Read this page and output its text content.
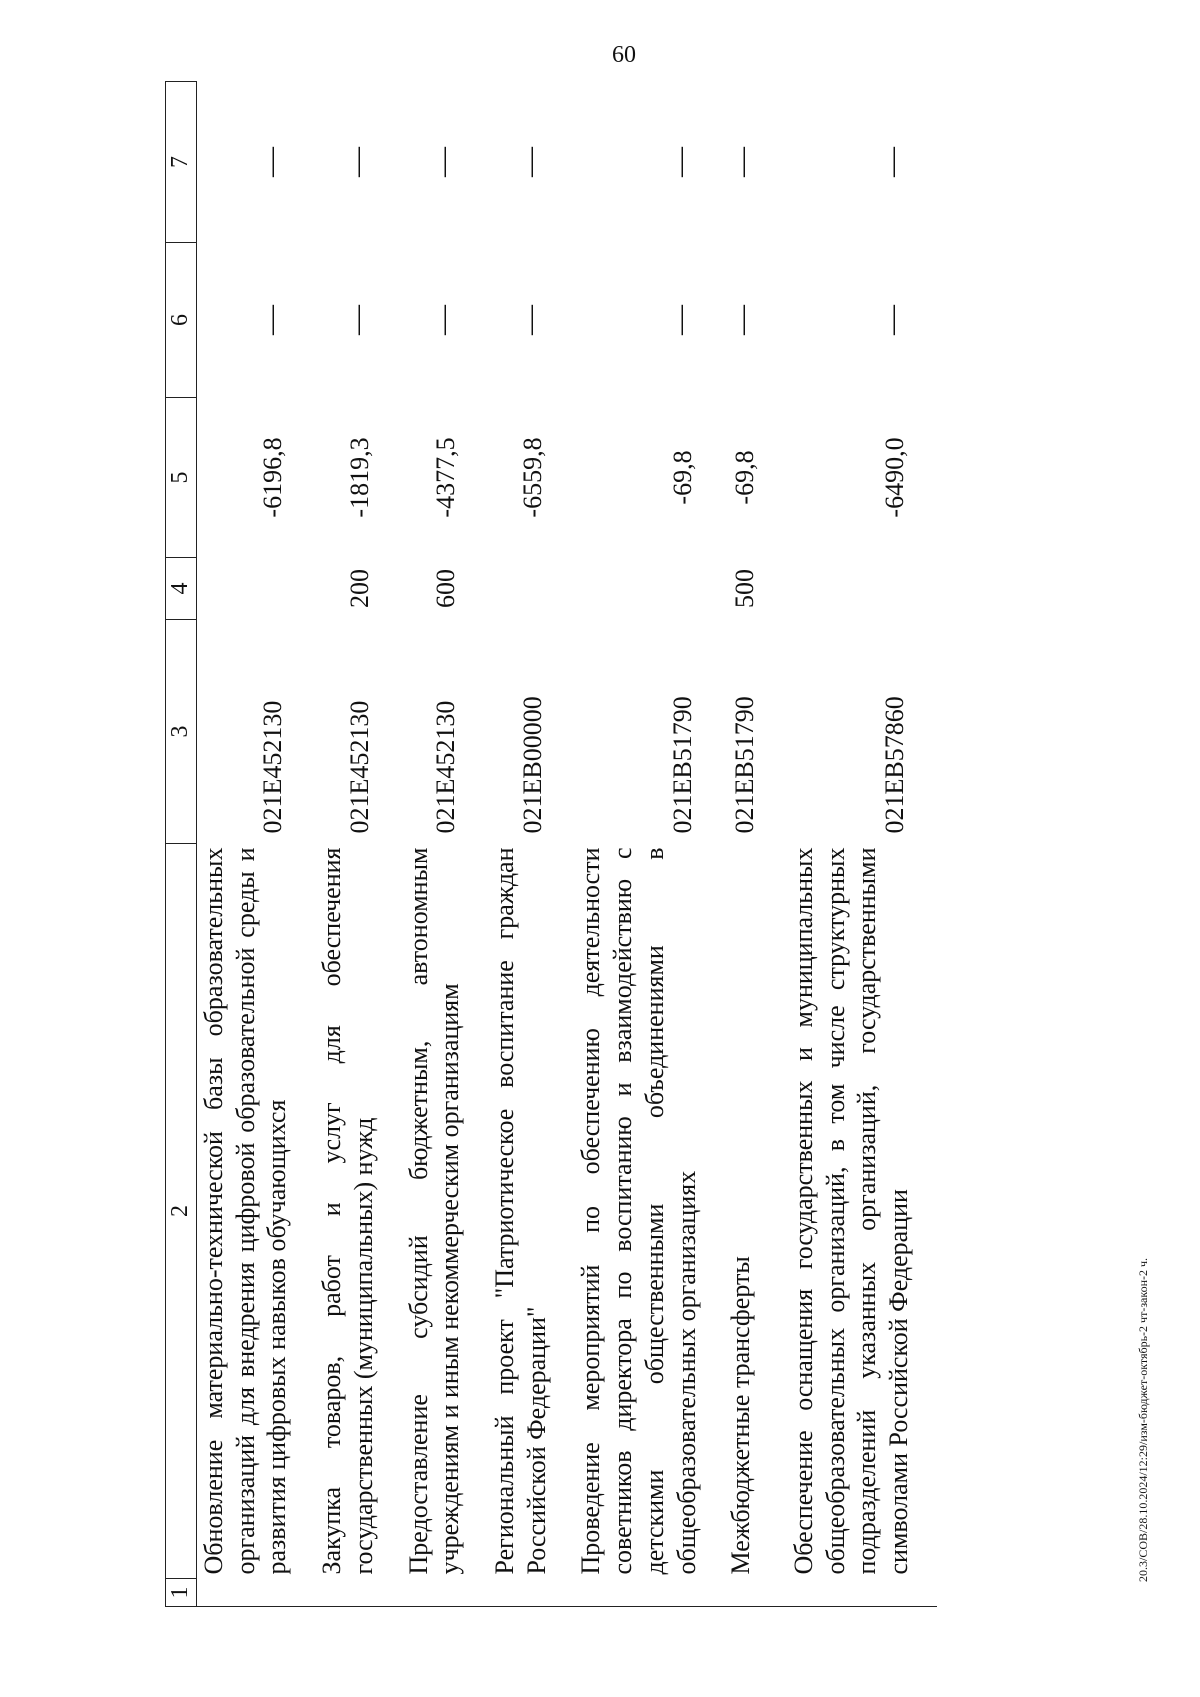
60
20.3/СОВ/28.10.2024/12:29/изм-бюджет-октябрь-2 чт-закон-2 ч.
1	2	3	4	5	6	7

	Обновление материально-технической базы образовательных организаций для внедрения цифровой образовательной среды и развития цифровых навыков обучающихся	021E452130		-6196,8	—	—

	Закупка товаров, работ и услуг для обеспечения государственных (муниципальных) нужд	021E452130	200	-1819,3	—	—

	Предоставление субсидий бюджетным, автономным учреждениям и иным некоммерческим организациям	021E452130	600	-4377,5	—	—

	Региональный проект "Патриотическое воспитание граждан Российской Федерации"	021EB00000		-6559,8	—	—

	Проведение мероприятий по обеспечению деятельности советников директора по воспитанию и взаимодействию с детскими общественными объединениями в общеобразовательных организациях	021EB51790		-69,8	—	—

	Межбюджетные трансферты	021EB51790	500	-69,8	—	—

	Обеспечение оснащения государственных и муниципальных общеобразовательных организаций, в том числе структурных подразделений указанных организаций, государственными символами Российской Федерации	021EB57860		-6490,0	—	—
